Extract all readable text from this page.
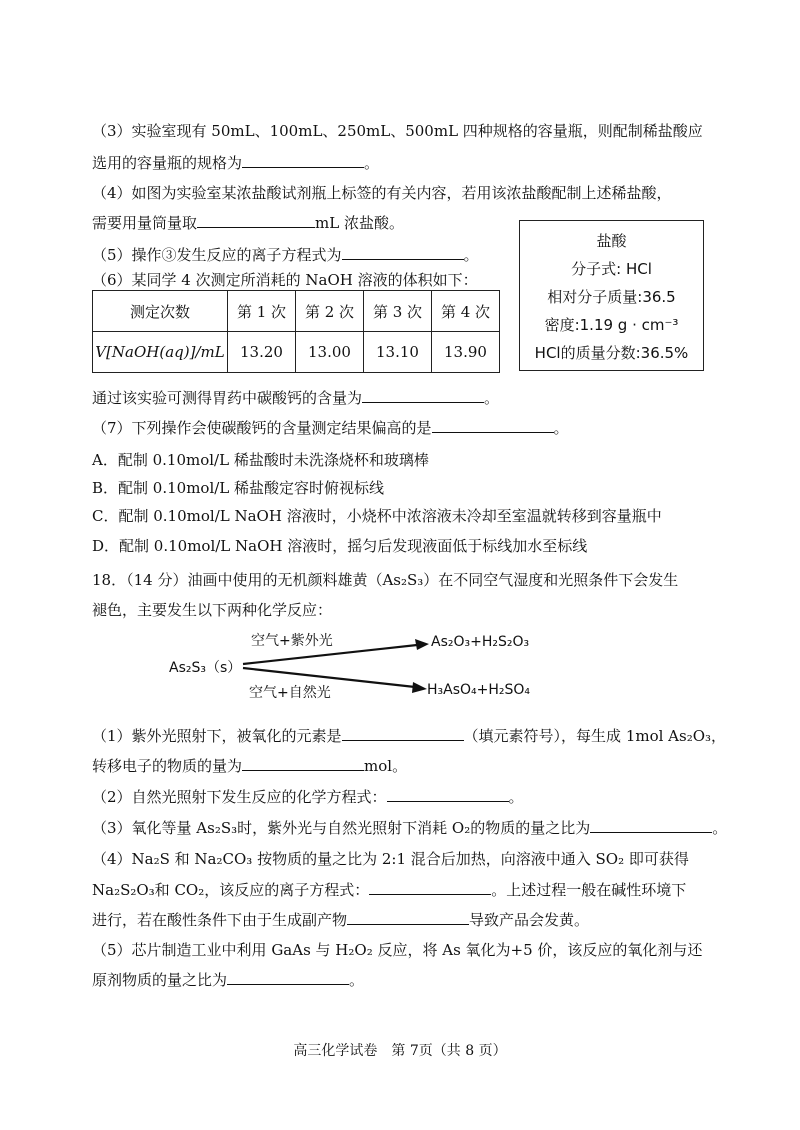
（3）实验室现有 50mL、100mL、250mL、500mL 四种规格的容量瓶，则配制稀盐酸应
选用的容量瓶的规格为	。
（4）如图为实验室某浓盐酸试剂瓶上标签的有关内容，若用该浓盐酸配制上述稀盐酸，
需要用量筒量取	mL 浓盐酸。
（5）操作③发生反应的离子方程式为	。
（6）某同学 4 次测定所消耗的 NaOH 溶液的体积如下：
测定次数	第 1 次	第 2 次	第 3 次	第 4 次
V[NaOH(aq)]/mL	13.20	13.00	13.10	13.90
盐酸
分子式: HCl
相对分子质量:36.5
密度:1.19 g · cm⁻³
HCl的质量分数:36.5%
通过该实验可测得胃药中碳酸钙的含量为	。
（7）下列操作会使碳酸钙的含量测定结果偏高的是	。
A．配制 0.10mol/L 稀盐酸时未洗涤烧杯和玻璃棒
B．配制 0.10mol/L 稀盐酸定容时俯视标线
C．配制 0.10mol/L NaOH 溶液时，小烧杯中浓溶液未冷却至室温就转移到容量瓶中
D．配制 0.10mol/L NaOH 溶液时，摇匀后发现液面低于标线加水至标线
18．（14 分）油画中使用的无机颜料雄黄（As₂S₃）在不同空气湿度和光照条件下会发生
褪色，主要发生以下两种化学反应：
As₂S₃（s）
空气+紫外光	As₂O₃+H₂S₂O₃
空气+自然光	H₃AsO₄+H₂SO₄
（1）紫外光照射下，被氧化的元素是	（填元素符号），每生成 1mol As₂O₃，
转移电子的物质的量为	mol。
（2）自然光照射下发生反应的化学方程式：	。
（3）氧化等量 As₂S₃时，紫外光与自然光照射下消耗 O₂的物质的量之比为	。
（4）Na₂S 和 Na₂CO₃ 按物质的量之比为 2:1 混合后加热，向溶液中通入 SO₂ 即可获得
Na₂S₂O₃和 CO₂，该反应的离子方程式：	。上述过程一般在碱性环境下
进行，若在酸性条件下由于生成副产物	导致产品会发黄。
（5）芯片制造工业中利用 GaAs 与 H₂O₂ 反应，将 As 氧化为+5 价，该反应的氧化剂与还
原剂物质的量之比为	。
高三化学试卷　第 7页（共 8 页）
